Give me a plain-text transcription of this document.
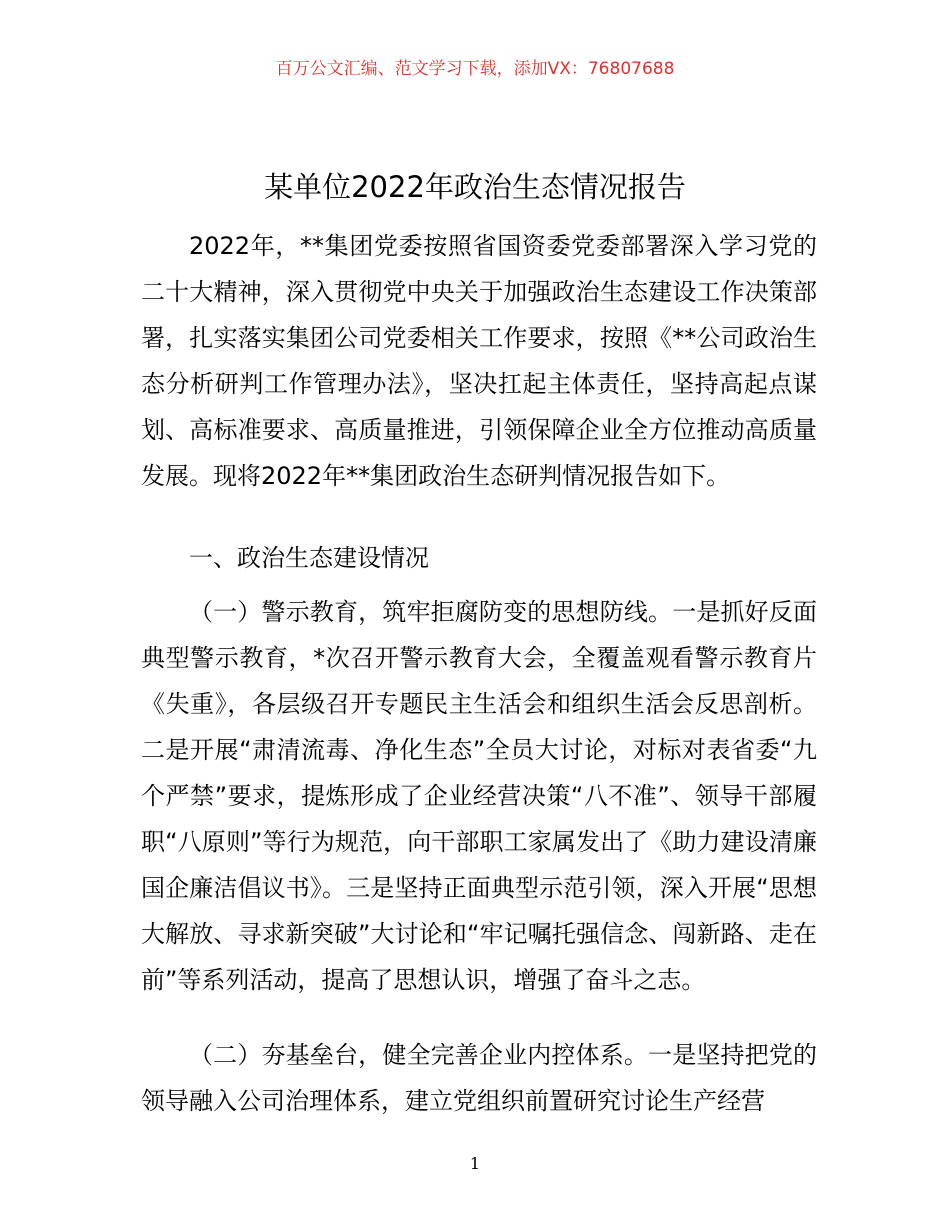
百万公文汇编、范文学习下载，添加VX：76807688
某单位2022年政治生态情况报告

2022年，**集团党委按照省国资委党委部署深入学习党的二十大精神，深入贯彻党中央关于加强政治生态建设工作决策部署，扎实落实集团公司党委相关工作要求，按照《**公司政治生态分析研判工作管理办法》，坚决扛起主体责任，坚持高起点谋划、高标准要求、高质量推进，引领保障企业全方位推动高质量发展。现将2022年**集团政治生态研判情况报告如下。

一、政治生态建设情况

（一）警示教育，筑牢拒腐防变的思想防线。一是抓好反面典型警示教育，*次召开警示教育大会，全覆盖观看警示教育片《失重》，各层级召开专题民主生活会和组织生活会反思剖析。二是开展“肃清流毒、净化生态”全员大讨论，对标对表省委“九个严禁”要求，提炼形成了企业经营决策“八不准”、领导干部履职“八原则”等行为规范，向干部职工家属发出了《助力建设清廉国企廉洁倡议书》。三是坚持正面典型示范引领，深入开展“思想大解放、寻求新突破”大讨论和“牢记嘱托强信念、闯新路、走在前”等系列活动，提高了思想认识，增强了奋斗之志。

（二）夯基垒台，健全完善企业内控体系。一是坚持把党的领导融入公司治理体系，建立党组织前置研究讨论生产经营

1
